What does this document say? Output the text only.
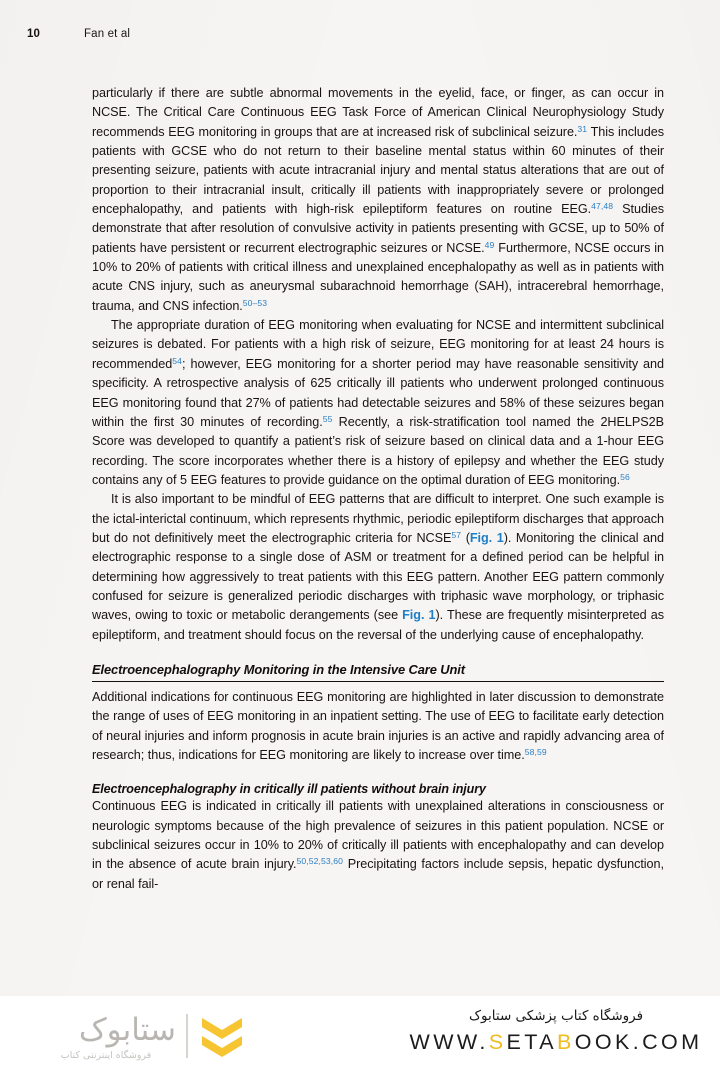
10	Fan et al

particularly if there are subtle abnormal movements in the eyelid, face, or finger, as can occur in NCSE. The Critical Care Continuous EEG Task Force of American Clinical Neurophysiology Study recommends EEG monitoring in groups that are at increased risk of subclinical seizure.$^{31}$ This includes patients with GCSE who do not return to their baseline mental status within 60 minutes of their presenting seizure, patients with acute intracranial injury and mental status alterations that are out of proportion to their intracranial insult, critically ill patients with inappropriately severe or prolonged encephalopathy, and patients with high-risk epileptiform features on routine EEG.$^{47,48}$ Studies demonstrate that after resolution of convulsive activity in patients presenting with GCSE, up to 50% of patients have persistent or recurrent electrographic seizures or NCSE.$^{49}$ Furthermore, NCSE occurs in 10% to 20% of patients with critical illness and unexplained encephalopathy as well as in patients with acute CNS injury, such as aneurysmal subarachnoid hemorrhage (SAH), intracerebral hemorrhage, trauma, and CNS infection.$^{50-53}$

The appropriate duration of EEG monitoring when evaluating for NCSE and intermittent subclinical seizures is debated. For patients with a high risk of seizure, EEG monitoring for at least 24 hours is recommended$^{54}$; however, EEG monitoring for a shorter period may have reasonable sensitivity and specificity. A retrospective analysis of 625 critically ill patients who underwent prolonged continuous EEG monitoring found that 27% of patients had detectable seizures and 58% of these seizures began within the first 30 minutes of recording.$^{55}$ Recently, a risk-stratification tool named the 2HELPS2B Score was developed to quantify a patient’s risk of seizure based on clinical data and a 1-hour EEG recording. The score incorporates whether there is a history of epilepsy and whether the EEG study contains any of 5 EEG features to provide guidance on the optimal duration of EEG monitoring.$^{56}$

It is also important to be mindful of EEG patterns that are difficult to interpret. One such example is the ictal-interictal continuum, which represents rhythmic, periodic epileptiform discharges that approach but do not definitively meet the electrographic criteria for NCSE$^{57}$ (Fig. 1). Monitoring the clinical and electrographic response to a single dose of ASM or treatment for a defined period can be helpful in determining how aggressively to treat patients with this EEG pattern. Another EEG pattern commonly confused for seizure is generalized periodic discharges with triphasic wave morphology, or triphasic waves, owing to toxic or metabolic derangements (see Fig. 1). These are frequently misinterpreted as epileptiform, and treatment should focus on the reversal of the underlying cause of encephalopathy.

Electroencephalography Monitoring in the Intensive Care Unit

Additional indications for continuous EEG monitoring are highlighted in later discussion to demonstrate the range of uses of EEG monitoring in an inpatient setting. The use of EEG to facilitate early detection of neural injuries and inform prognosis in acute brain injuries is an active and rapidly advancing area of research; thus, indications for EEG monitoring are likely to increase over time.$^{58,59}$

Electroencephalography in critically ill patients without brain injury

Continuous EEG is indicated in critically ill patients with unexplained alterations in consciousness or neurologic symptoms because of the high prevalence of seizures in this patient population. NCSE or subclinical seizures occur in 10% to 20% of critically ill patients with encephalopathy and can develop in the absence of acute brain injury.$^{50,52,53,60}$ Precipitating factors include sepsis, hepatic dysfunction, or renal fail-

ستابوک
فروشگاه اینترنتی کتاب
فروشگاه کتاب پزشکی ستابوک
WWW.SETABOOK.COM
